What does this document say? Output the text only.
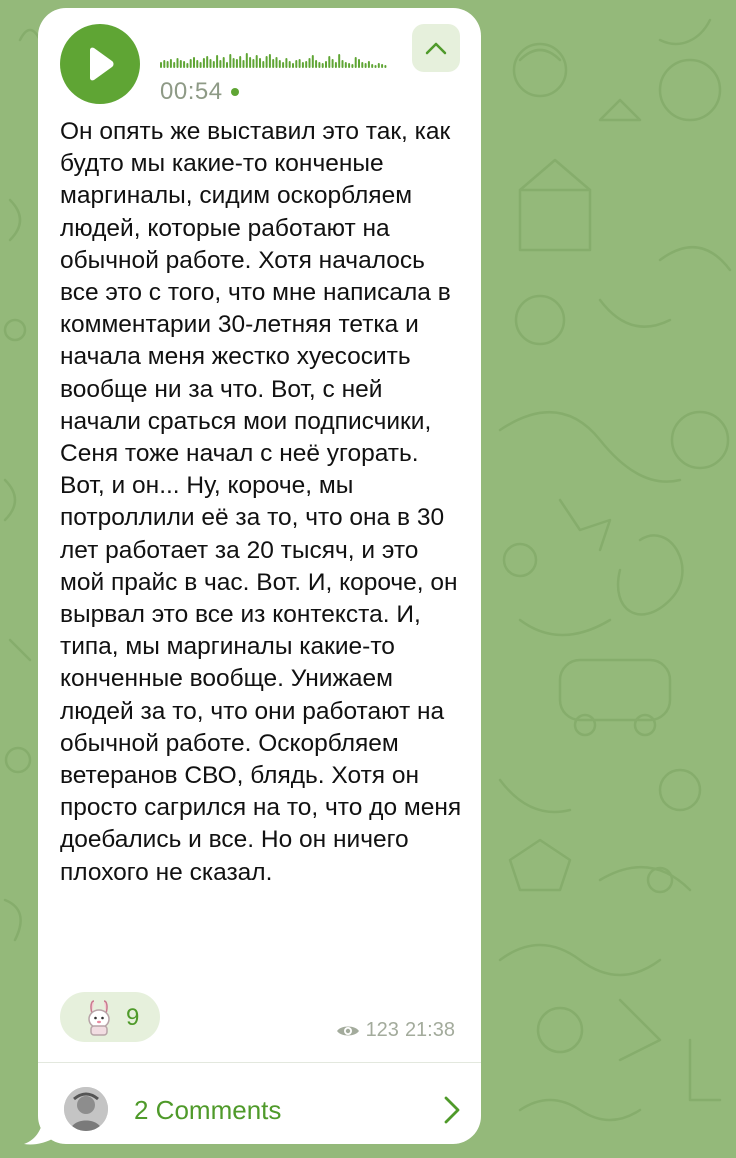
00:54

Он опять же выставил это так, как будто мы какие-то конченые маргиналы, сидим оскорбляем людей, которые работают на обычной работе. Хотя началось все это с того, что мне написала в комментарии 30-летняя тетка и начала меня жестко хуесосить вообще ни за что. Вот, с ней начали сраться мои подписчики, Сеня тоже начал с неё угорать. Вот, и он... Ну, короче, мы потроллили её за то, что она в 30 лет работает за 20 тысяч, и это мой прайс в час. Вот. И, короче, он вырвал это все из контекста. И, типа, мы маргиналы какие-то конченные вообще. Унижаем людей за то, что они работают на обычной работе. Оскорбляем ветеранов СВО, блядь. Хотя он просто сагрился на то, что до меня доебались и все. Но он ничего плохого не сказал.

9	123 21:38
2 Comments
